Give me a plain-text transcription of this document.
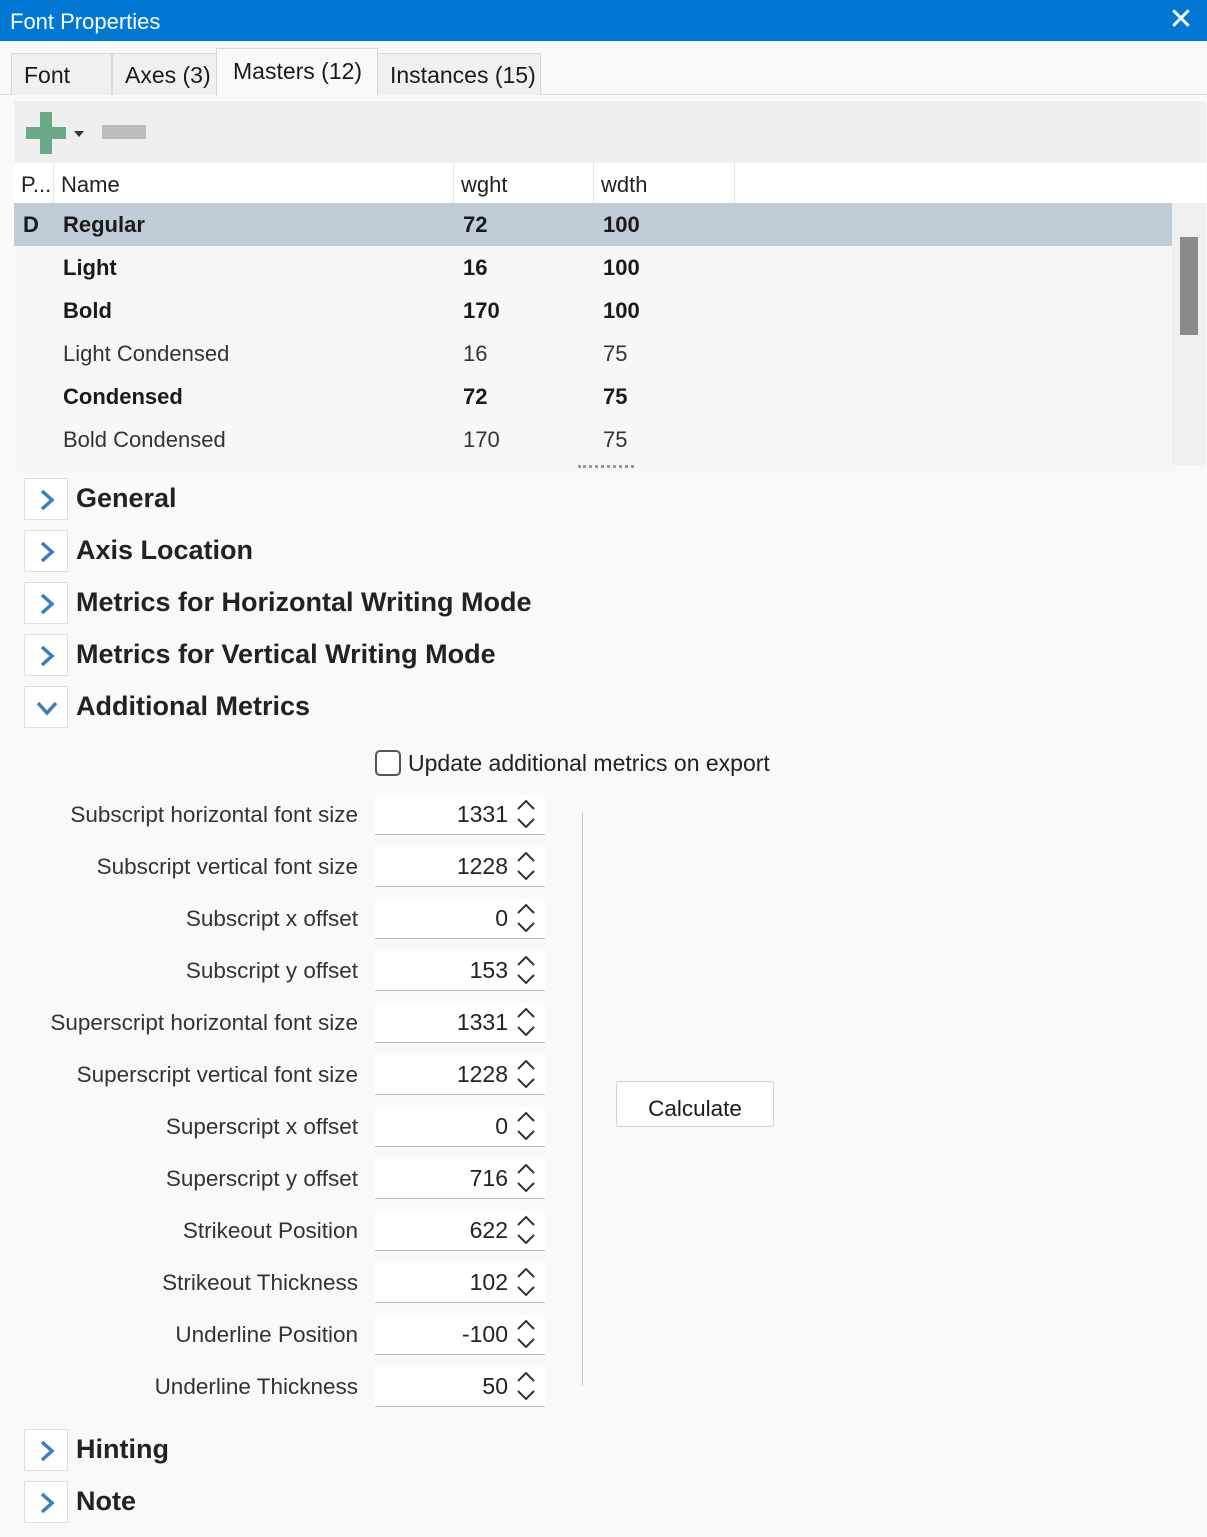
Font Properties	✕
Font	Axes (3) Masters (12)	Instances (15)
P... Name	wght	wdth
D Regular	72	100
Light	16	100
Bold	170	100
Light Condensed	16	75
Condensed	72	75
Bold Condensed	170	75
General
Axis Location
Metrics for Horizontal Writing Mode
Metrics for Vertical Writing Mode
Additional Metrics
Update additional metrics on export
Subscript horizontal font size	1331
Subscript vertical font size	1228
Subscript x offset	0
Subscript y offset	153
Superscript horizontal font size	1331
Superscript vertical font size	1228
Superscript x offset	0
Superscript y offset	716
Strikeout Position	622
Strikeout Thickness	102
Underline Position	-100
Underline Thickness	50
Calculate
Hinting
Note
